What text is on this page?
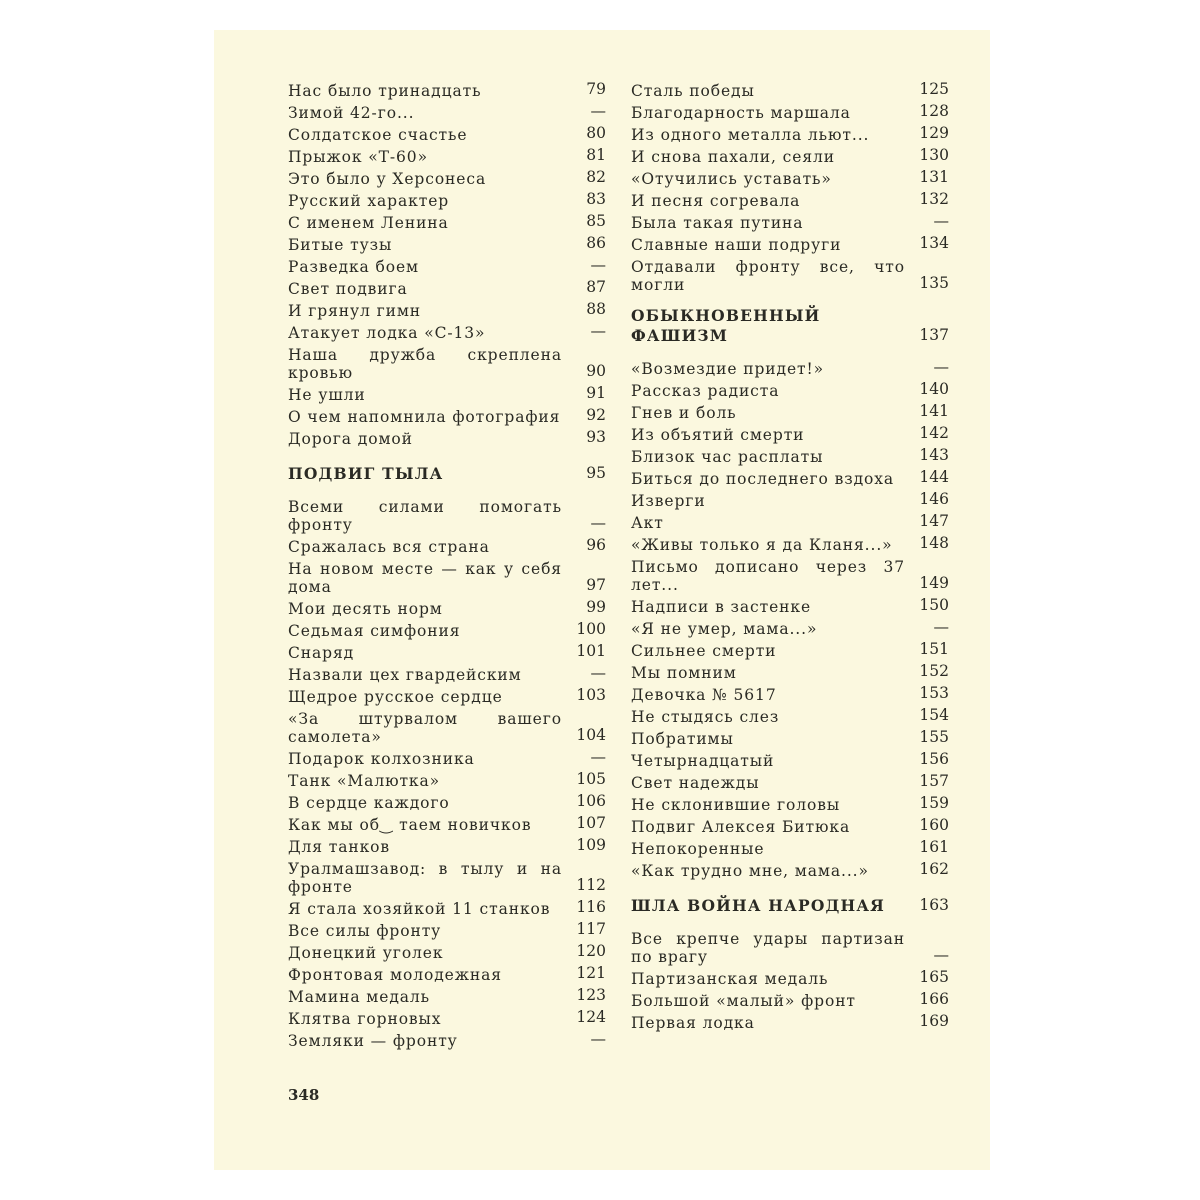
Нас было тринадцать	79
Зимой 42-го...	—
Солдатское счастье	80
Прыжок «Т-60»	81
Это было у Херсонеса	82
Русский характер	83
С именем Ленина	85
Битые тузы	86
Разведка боем	—
Свет подвига	87
И грянул гимн	88
Атакует лодка «С-13»	—
Наша дружба скреплена кровью	90
Не ушли	91
О чем напомнила фотография	92
Дорога домой	93
ПОДВИГ ТЫЛА	95
Всеми силами помогать фронту	—
Сражалась вся страна	96
На новом месте — как у себя дома	97
Мои десять норм	99
Седьмая симфония	100
Снаряд	101
Назвали цех гвардейским	—
Щедрое русское сердце	103
«За штурвалом вашего самолета»	104
Подарок колхозника	—
Танк «Малютка»	105
В сердце каждого	106
Как мы об‿ таем новичков	107
Для танков	109
Уралмашзавод: в тылу и на фронте	112
Я стала хозяйкой 11 станков	116
Все силы фронту	117
Донецкий уголек	120
Фронтовая молодежная	121
Мамина медаль	123
Клятва горновых	124
Земляки — фронту	—
Сталь победы	125
Благодарность маршала	128
Из одного металла льют...	129
И снова пахали, сеяли	130
«Отучились уставать»	131
И песня согревала	132
Была такая путина	—
Славные наши подруги	134
Отдавали фронту все, что могли	135
ОБЫКНОВЕННЫЙ ФАШИЗМ	137
«Возмездие придет!»	—
Рассказ радиста	140
Гнев и боль	141
Из объятий смерти	142
Близок час расплаты	143
Биться до последнего вздоха	144
Изверги	146
Акт	147
«Живы только я да Кланя...»	148
Письмо дописано через 37 лет...	149
Надписи в застенке	150
«Я не умер, мама...»	—
Сильнее смерти	151
Мы помним	152
Девочка № 5617	153
Не стыдясь слез	154
Побратимы	155
Четырнадцатый	156
Свет надежды	157
Не склонившие головы	159
Подвиг Алексея Битюка	160
Непокоренные	161
«Как трудно мне, мама...»	162
ШЛА ВОЙНА НАРОДНАЯ	163
Все крепче удары партизан по врагу	—
Партизанская медаль	165
Большой «малый» фронт	166
Первая лодка	169
348
